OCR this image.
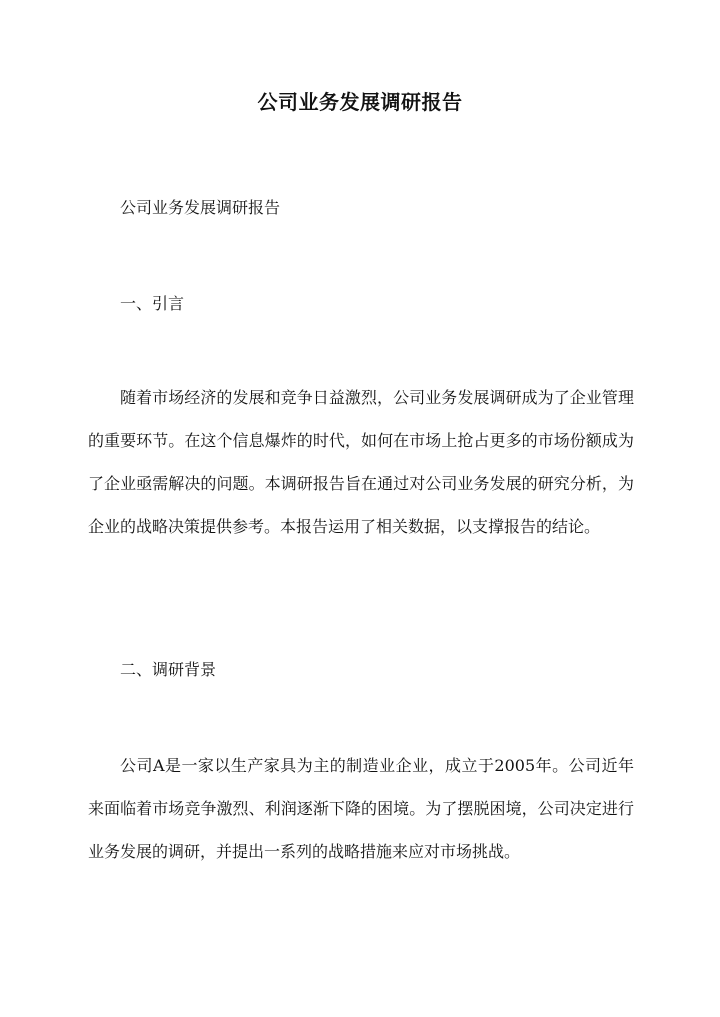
公司业务发展调研报告

公司业务发展调研报告

一、引言

随着市场经济的发展和竞争日益激烈，公司业务发展调研成为了企业管理的重要环节。在这个信息爆炸的时代，如何在市场上抢占更多的市场份额成为了企业亟需解决的问题。本调研报告旨在通过对公司业务发展的研究分析，为企业的战略决策提供参考。本报告运用了相关数据，以支撑报告的结论。

二、调研背景

公司A是一家以生产家具为主的制造业企业，成立于2005年。公司近年来面临着市场竞争激烈、利润逐渐下降的困境。为了摆脱困境，公司决定进行业务发展的调研，并提出一系列的战略措施来应对市场挑战。
